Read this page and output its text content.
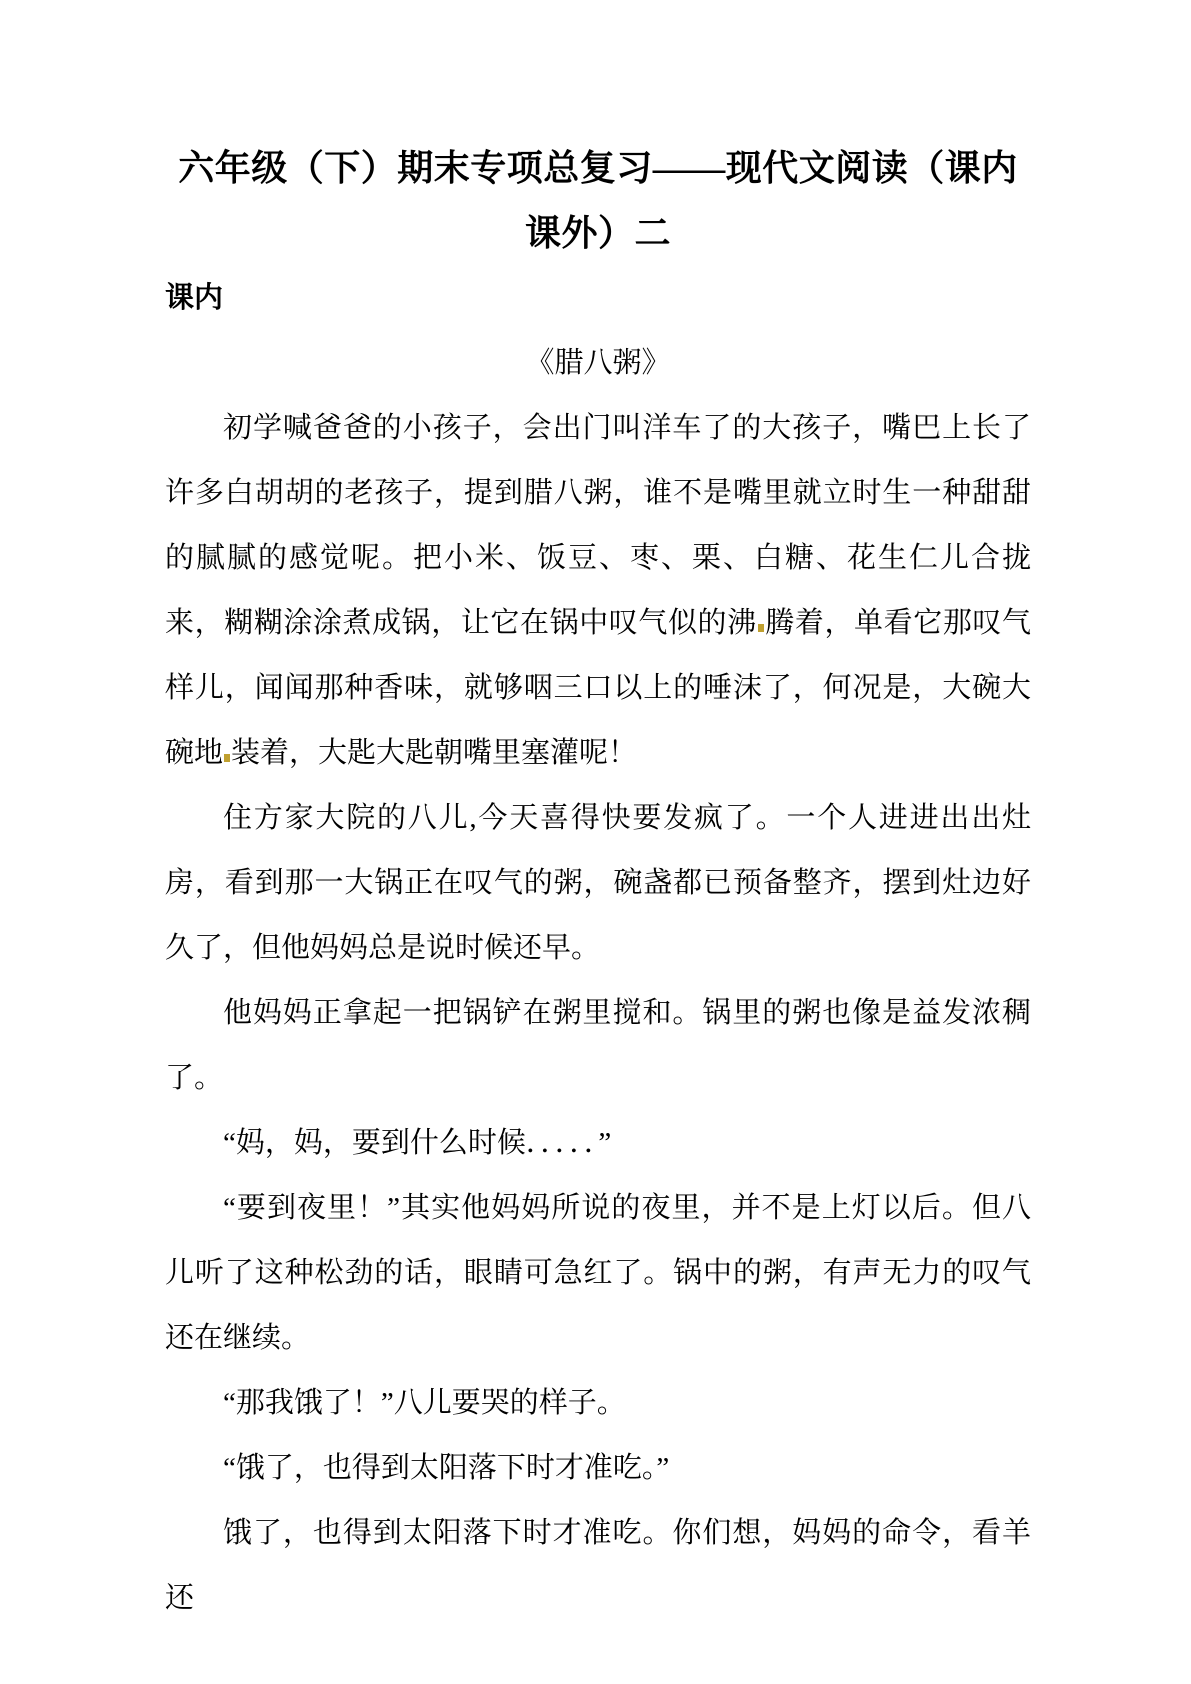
六年级（下）期末专项总复习——现代文阅读（课内
课外）二
课内
《腊八粥》

初学喊爸爸的小孩子，会出门叫洋车了的大孩子，嘴巴上长了许多白胡胡的老孩子，提到腊八粥，谁不是嘴里就立时生一种甜甜的腻腻的感觉呢。把小米、饭豆、枣、栗、白糖、花生仁儿合拢来，糊糊涂涂煮成锅，让它在锅中叹气似的沸 腾着，单看它那叹气样儿，闻闻那种香味，就够咽三口以上的唾沫了，何况是，大碗大碗地 装着，大匙大匙朝嘴里塞灌呢！

住方家大院的八儿,今天喜得快要发疯了。一个人进进出出灶房，看到那一大锅正在叹气的粥，碗盏都已预备整齐，摆到灶边好久了，但他妈妈总是说时候还早。

他妈妈正拿起一把锅铲在粥里搅和。锅里的粥也像是益发浓稠了。

“妈，妈，要到什么时候．．．．．”

“要到夜里！”其实他妈妈所说的夜里，并不是上灯以后。但八儿听了这种松劲的话，眼睛可急红了。锅中的粥，有声无力的叹气还在继续。

“那我饿了！”八儿要哭的样子。

“饿了，也得到太阳落下时才准吃。”

饿了，也得到太阳落下时才准吃。你们想，妈妈的命令，看羊还
